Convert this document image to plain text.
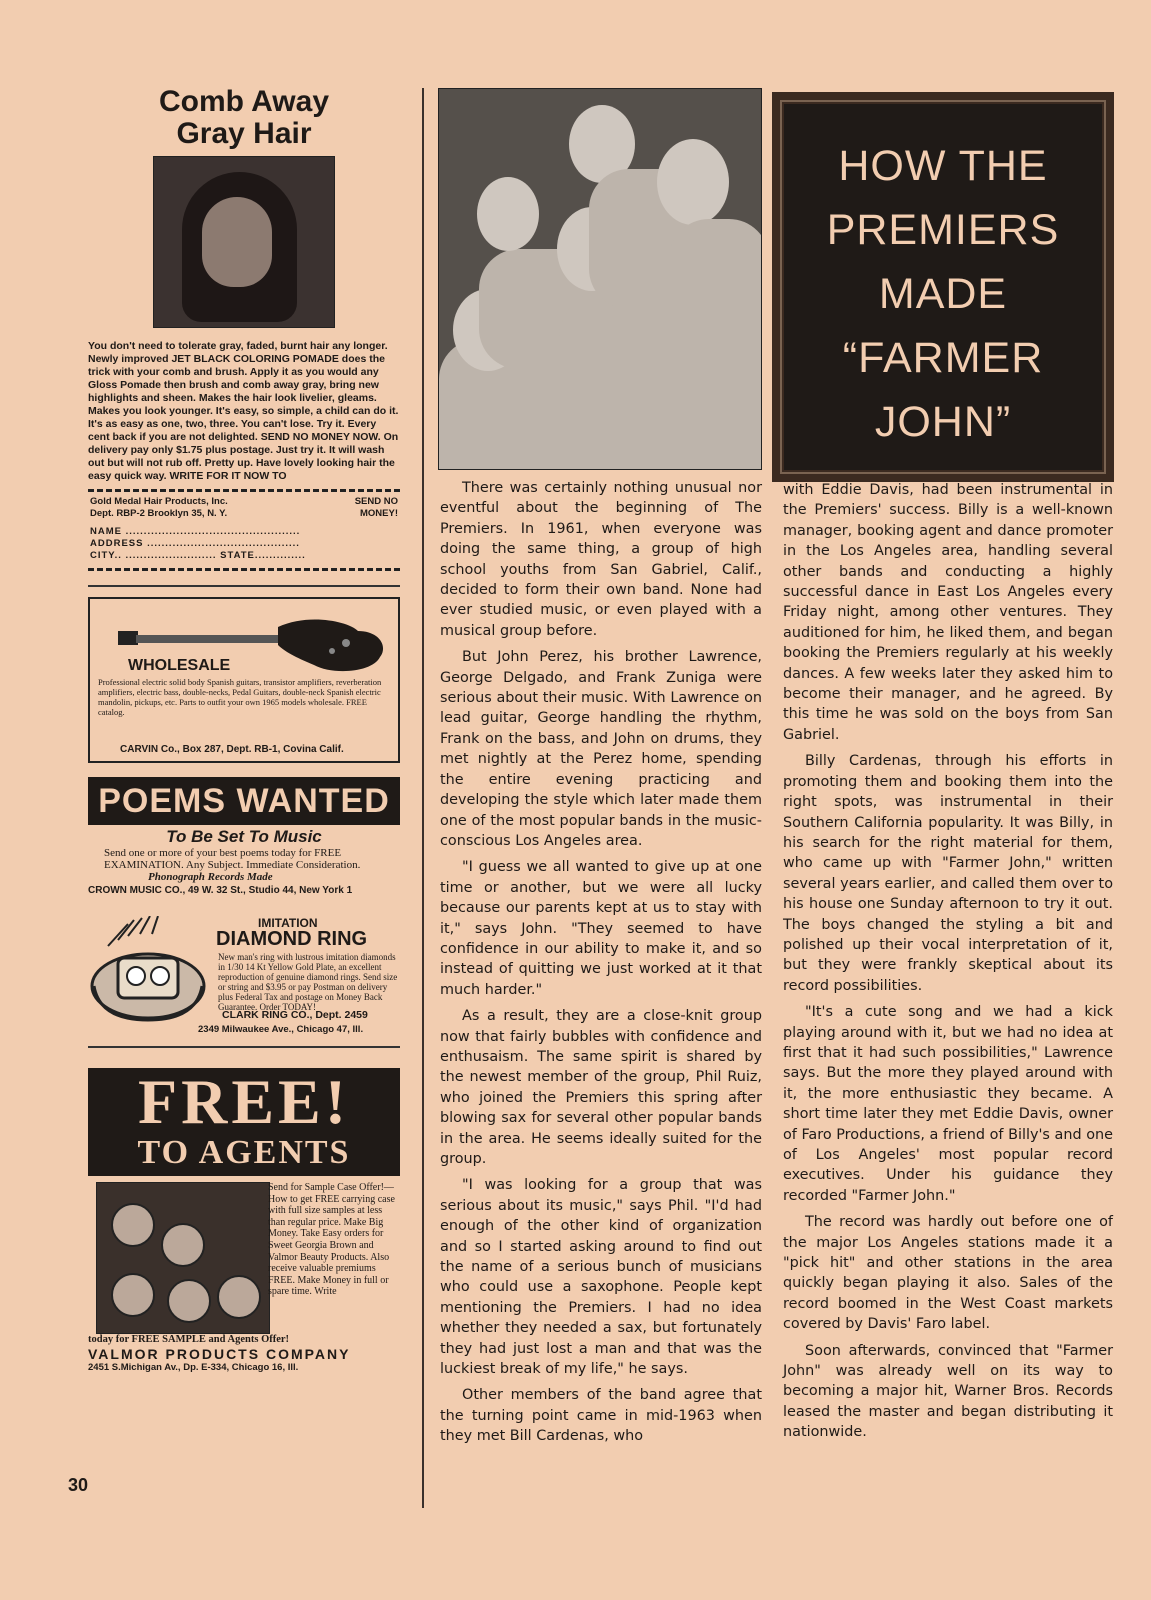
Comb Away
Gray Hair
You don't need to tolerate gray, faded, burnt hair any longer. Newly improved JET BLACK COLORING POMADE does the trick with your comb and brush. Apply it as you would any Gloss Pomade then brush and comb away gray, bring new highlights and sheen. Makes the hair look livelier, gleams. Makes you look younger. It's easy, so simple, a child can do it. It's as easy as one, two, three. You can't lose. Try it. Every cent back if you are not delighted. SEND NO MONEY NOW. On delivery pay only $1.75 plus postage. Just try it. It will wash out but will not rub off. Pretty up. Have lovely looking hair the easy quick way. WRITE FOR IT NOW TO
Gold Medal Hair Products, Inc.	SEND NO
Dept. RBP-2 Brooklyn 35, N. Y.	MONEY!
NAME ................................................
ADDRESS ..........................................
CITY.. ......................... STATE..............
WHOLESALE
Professional electric solid body Spanish guitars, transistor amplifiers, reverberation amplifiers, electric bass, double-necks, Pedal Guitars, double-neck Spanish electric mandolin, pickups, etc. Parts to outfit your own 1965 models wholesale. FREE catalog.
CARVIN Co., Box 287, Dept. RB-1, Covina Calif.
POEMS WANTED
To Be Set To Music
Send one or more of your best poems today for FREE EXAMINATION. Any Subject. Immediate Consideration.
Phonograph Records Made
CROWN MUSIC CO., 49 W. 32 St., Studio 44, New York 1
IMITATION
DIAMOND RING
New man's ring with lustrous imitation diamonds in 1/30 14 Kt Yellow Gold Plate, an excellent reproduction of genuine diamond rings. Send size or string and $3.95 or pay Postman on delivery plus Federal Tax and postage on Money Back Guarantee. Order TODAY!
CLARK RING CO., Dept. 2459
2349 Milwaukee Ave., Chicago 47, Ill.
FREE!
TO AGENTS
Send for Sample Case Offer!— How to get FREE carrying case with full size samples at less than regular price. Make Big Money. Take Easy orders for Sweet Georgia Brown and Valmor Beauty Products. Also receive valuable premiums FREE. Make Money in full or spare time. Write
today for FREE SAMPLE and Agents Offer!
VALMOR PRODUCTS COMPANY
2451 S.Michigan Av., Dp. E-334, Chicago 16, Ill.
30
HOW THE
PREMIERS
MADE
“FARMER
JOHN”

There was certainly nothing unusual nor eventful about the beginning of The Premiers. In 1961, when everyone was doing the same thing, a group of high school youths from San Gabriel, Calif., decided to form their own band. None had ever studied music, or even played with a musical group before.

But John Perez, his brother Lawrence, George Delgado, and Frank Zuniga were serious about their music. With Lawrence on lead guitar, George handling the rhythm, Frank on the bass, and John on drums, they met nightly at the Perez home, spending the entire evening practicing and developing the style which later made them one of the most popular bands in the music-conscious Los Angeles area.

"I guess we all wanted to give up at one time or another, but we were all lucky because our parents kept at us to stay with it," says John. "They seemed to have confidence in our ability to make it, and so instead of quitting we just worked at it that much harder."

As a result, they are a close-knit group now that fairly bubbles with confidence and enthusaism. The same spirit is shared by the newest member of the group, Phil Ruiz, who joined the Premiers this spring after blowing sax for several other popular bands in the area. He seems ideally suited for the group.

"I was looking for a group that was serious about its music," says Phil. "I'd had enough of the other kind of organization and so I started asking around to find out the name of a serious bunch of musicians who could use a saxophone. People kept mentioning the Premiers. I had no idea whether they needed a sax, but fortunately they had just lost a man and that was the luckiest break of my life," he says.

Other members of the band agree that the turning point came in mid-1963 when they met Bill Cardenas, who

with Eddie Davis, had been instrumental in the Premiers' success. Billy is a well-known manager, booking agent and dance promoter in the Los Angeles area, handling several other bands and conducting a highly successful dance in East Los Angeles every Friday night, among other ventures. They auditioned for him, he liked them, and began booking the Premiers regularly at his weekly dances. A few weeks later they asked him to become their manager, and he agreed. By this time he was sold on the boys from San Gabriel.

Billy Cardenas, through his efforts in promoting them and booking them into the right spots, was instrumental in their Southern California popularity. It was Billy, in his search for the right material for them, who came up with "Farmer John," written several years earlier, and called them over to his house one Sunday afternoon to try it out. The boys changed the styling a bit and polished up their vocal interpretation of it, but they were frankly skeptical about its record possibilities.

"It's a cute song and we had a kick playing around with it, but we had no idea at first that it had such possibilities," Lawrence says. But the more they played around with it, the more enthusiastic they became. A short time later they met Eddie Davis, owner of Faro Productions, a friend of Billy's and one of Los Angeles' most popular record executives. Under his guidance they recorded "Farmer John."

The record was hardly out before one of the major Los Angeles stations made it a "pick hit" and other stations in the area quickly began playing it also. Sales of the record boomed in the West Coast markets covered by Davis' Faro label.

Soon afterwards, convinced that "Farmer John" was already well on its way to becoming a major hit, Warner Bros. Records leased the master and began distributing it nationwide.
